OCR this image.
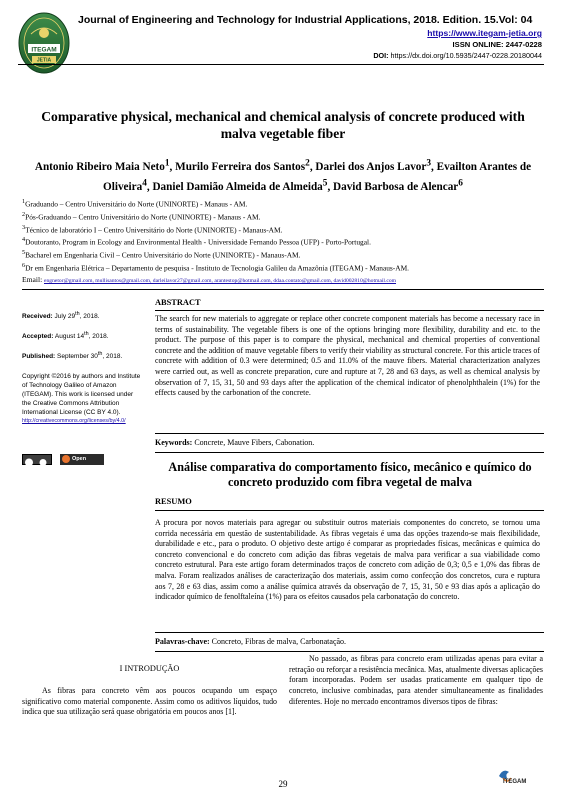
ITEGAM
JETIA
Journal of Engineering and Technology for Industrial Applications, 2018. Edition. 15.Vol: 04
https://www.itegam-jetia.org
ISSN ONLINE: 2447-0228
DOI: https://dx.doi.org/10.5935/2447-0228.20180044
Comparative physical, mechanical and chemical analysis of concrete produced with malva vegetable fiber
Antonio Ribeiro Maia Neto$^1$, Murilo Ferreira dos Santos$^2$, Darlei dos Anjos Lavor$^3$, Evailton Arantes de Oliveira$^4$, Daniel Damião Almeida de Almeida$^5$, David Barbosa de Alencar$^6$
$^1$Graduando – Centro Universitário do Norte (UNINORTE) - Manaus - AM.
$^2$Pós-Graduando – Centro Universitário do Norte (UNINORTE) - Manaus - AM.
$^3$Técnico de laboratório I – Centro Universitário do Norte (UNINORTE) - Manaus-AM.
$^4$Doutoranto, Program in Ecology and Environmental Health - Universidade Fernando Pessoa (UFP) - Porto-Portugal.
$^5$Bacharel em Engenharia Civil – Centro Universitário do Norte (UNINORTE) - Manaus-AM.
$^6$Dr em Engenharia Elétrica – Departamento de pesquisa - Instituto de Tecnologia Galileu da Amazônia (ITEGAM) - Manaus-AM.
Email: engnetor@gmail.com, mullisantos@gmail.com, darleilavor27@gmail.com, arantestop@hotmail.com, ddaa.contato@gmail.com, david002810@hotmail.com
Received: July 29th, 2018.
Accepted: August 14th, 2018.
Published: September 30th, 2018.
Copyright ©2016 by authors and Institute of Technology Galileo of Amazon (ITEGAM). This work is licensed under the Creative Commons Attribution International License (CC BY 4.0).
http://creativecommons.org/licenses/by/4.0/
Open Access
ABSTRACT
The search for new materials to aggregate or replace other concrete component materials has become a necessary race in terms of sustainability. The vegetable fibers is one of the options bringing more flexibility, durability and etc. to the product. The purpose of this paper is to compare the physical, mechanical and chemical properties of conventional concrete and the addition of mauve vegetable fibers to verify their viability as structural concrete. For this article traces of concrete with addition of 0.3 were determined; 0.5 and 11.0% of the mauve fibers. Material characterization analyzes were carried out, as well as concrete preparation, cure and rupture at 7, 28 and 63 days, as well as chemical analysis by observation of 7, 15, 31, 50 and 93 days after the application of the chemical indicator of phenolphthalein (1%) for the effects caused by the carbonation of the concrete.
Keywords: Concrete, Mauve Fibers, Cabonation.
Análise comparativa do comportamento físico, mecânico e químico do concreto produzido com fibra vegetal de malva
RESUMO
A procura por novos materiais para agregar ou substituir outros materiais componentes do concreto, se tornou uma corrida necessária em questão de sustentabilidade. As fibras vegetais é uma das opções trazendo-se mais flexibilidade, durabilidade e etc., para o produto. O objetivo deste artigo é comparar as propriedades físicas, mecânicas e química do concreto convencional e do concreto com adição das fibras vegetais de malva para verificar a sua viabilidade como concreto estrutural. Para este artigo foram determinados traços de concreto com adição de 0,3; 0,5 e 1,0% das fibras de malva. Foram realizados análises de caracterização dos materiais, assim como confecção dos concretos, cura e ruptura aos 7, 28 e 63 dias, assim como a análise química através da observação de 7, 15, 31, 50 e 93 dias após a aplicação do indicador químico de fenolftaleína (1%) para os efeitos causados pela carbonatação do concreto.
Palavras-chave: Concreto, Fibras de malva, Carbonatação.
I INTRODUÇÃO
As fibras para concreto vêm aos poucos ocupando um espaço significativo como material componente. Assim como os aditivos líquidos, tudo indica que sua utilização será quase obrigatória em poucos anos [1].
No passado, as fibras para concreto eram utilizadas apenas para evitar a retração ou reforçar a resistência mecânica. Mas, atualmente diversas aplicações foram incorporadas. Podem ser usadas praticamente em qualquer tipo de concreto, inclusive combinadas, para atender simultaneamente as finalidades diferentes. Hoje no mercado encontramos diversos tipos de fibras:
29	ITEGAM
